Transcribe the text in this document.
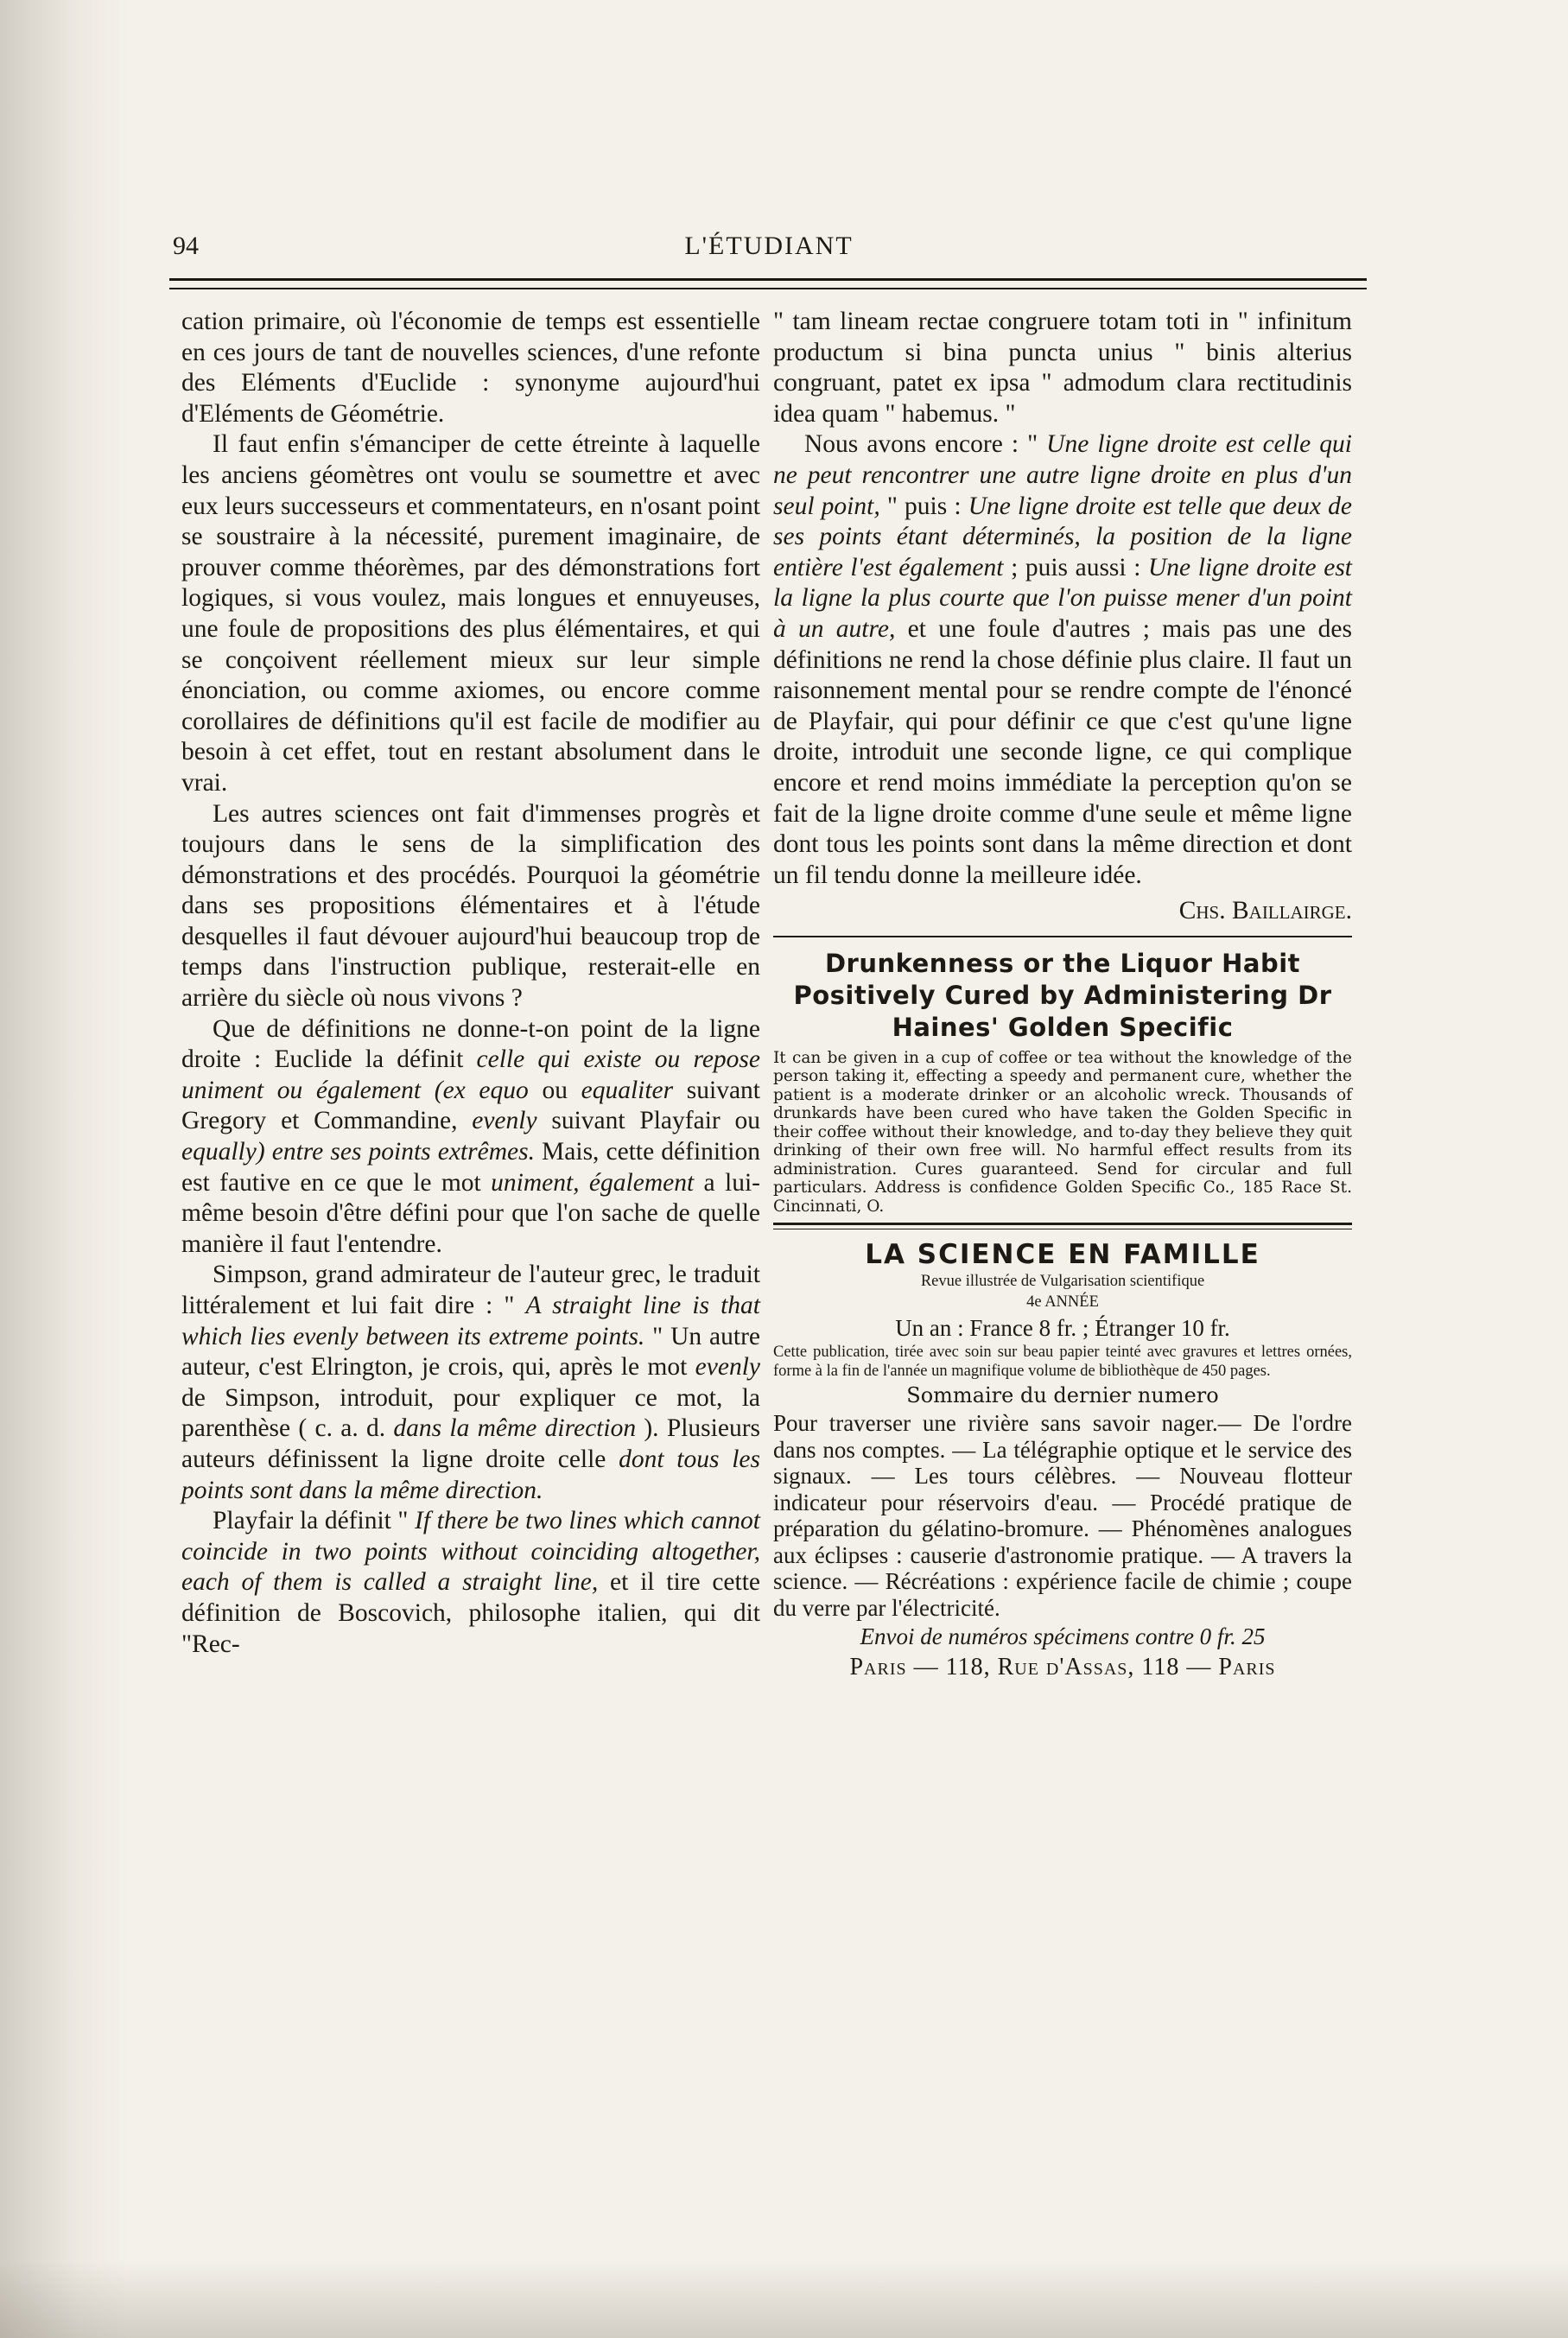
94	L'ÉTUDIANT

cation primaire, où l'économie de temps est essentielle en ces jours de tant de nouvelles sciences, d'une refonte des Eléments d'Euclide : synonyme aujourd'hui d'Eléments de Géométrie.

Il faut enfin s'émanciper de cette étreinte à laquelle les anciens géomètres ont voulu se soumettre et avec eux leurs successeurs et commentateurs, en n'osant point se soustraire à la nécessité, purement imaginaire, de prouver comme théorèmes, par des démonstrations fort logiques, si vous voulez, mais longues et ennuyeuses, une foule de propositions des plus élémentaires, et qui se conçoivent réellement mieux sur leur simple énonciation, ou comme axiomes, ou encore comme corollaires de définitions qu'il est facile de modifier au besoin à cet effet, tout en restant absolument dans le vrai.

Les autres sciences ont fait d'immenses progrès et toujours dans le sens de la simplification des démonstrations et des procédés. Pourquoi la géométrie dans ses propositions élémentaires et à l'étude desquelles il faut dévouer aujourd'hui beaucoup trop de temps dans l'instruction publique, resterait-elle en arrière du siècle où nous vivons ?

Que de définitions ne donne-t-on point de la ligne droite : Euclide la définit celle qui existe ou repose uniment ou également (ex equo ou equaliter suivant Gregory et Commandine, evenly suivant Playfair ou equally) entre ses points extrêmes. Mais, cette définition est fautive en ce que le mot uniment, également a lui-même besoin d'être défini pour que l'on sache de quelle manière il faut l'entendre.

Simpson, grand admirateur de l'auteur grec, le traduit littéralement et lui fait dire : " A straight line is that which lies evenly between its extreme points. " Un autre auteur, c'est Elrington, je crois, qui, après le mot evenly de Simpson, introduit, pour expliquer ce mot, la parenthèse ( c. a. d. dans la même direction ). Plusieurs auteurs définissent la ligne droite celle dont tous les points sont dans la même direction.

Playfair la définit " If there be two lines which cannot coincide in two points without coinciding altogether, each of them is called a straight line, et il tire cette définition de Boscovich, philosophe italien, qui dit "Rec-

" tam lineam rectae congruere totam toti in " infinitum productum si bina puncta unius " binis alterius congruant, patet ex ipsa " admodum clara rectitudinis idea quam " habemus. "

Nous avons encore : " Une ligne droite est celle qui ne peut rencontrer une autre ligne droite en plus d'un seul point, " puis : Une ligne droite est telle que deux de ses points étant déterminés, la position de la ligne entière l'est également ; puis aussi : Une ligne droite est la ligne la plus courte que l'on puisse mener d'un point à un autre, et une foule d'autres ; mais pas une des définitions ne rend la chose définie plus claire. Il faut un raisonnement mental pour se rendre compte de l'énoncé de Playfair, qui pour définir ce que c'est qu'une ligne droite, introduit une seconde ligne, ce qui complique encore et rend moins immédiate la perception qu'on se fait de la ligne droite comme d'une seule et même ligne dont tous les points sont dans la même direction et dont un fil tendu donne la meilleure idée.

Chs. Baillairge.

Drunkenness or the Liquor Habit Positively Cured by Administering Dr Haines' Golden Specific

It can be given in a cup of coffee or tea without the knowledge of the person taking it, effecting a speedy and permanent cure, whether the patient is a moderate drinker or an alcoholic wreck. Thousands of drunkards have been cured who have taken the Golden Specific in their coffee without their knowledge, and to-day they believe they quit drinking of their own free will. No harmful effect results from its administration. Cures guaranteed. Send for circular and full particulars. Address is confidence Golden Specific Co., 185 Race St. Cincinnati, O.

LA SCIENCE EN FAMILLE

Revue illustrée de Vulgarisation scientifique

4e ANNÉE

Un an : France 8 fr. ; Étranger 10 fr.

Cette publication, tirée avec soin sur beau papier teinté avec gravures et lettres ornées, forme à la fin de l'année un magnifique volume de bibliothèque de 450 pages.

Sommaire du dernier numero

Pour traverser une rivière sans savoir nager.— De l'ordre dans nos comptes. — La télégraphie optique et le service des signaux. — Les tours célèbres. — Nouveau flotteur indicateur pour réservoirs d'eau. — Procédé pratique de préparation du gélatino-bromure. — Phénomènes analogues aux éclipses : causerie d'astronomie pratique. — A travers la science. — Récréations : expérience facile de chimie ; coupe du verre par l'électricité.

Envoi de numéros spécimens contre 0 fr. 25

Paris — 118, Rue d'Assas, 118 — Paris
